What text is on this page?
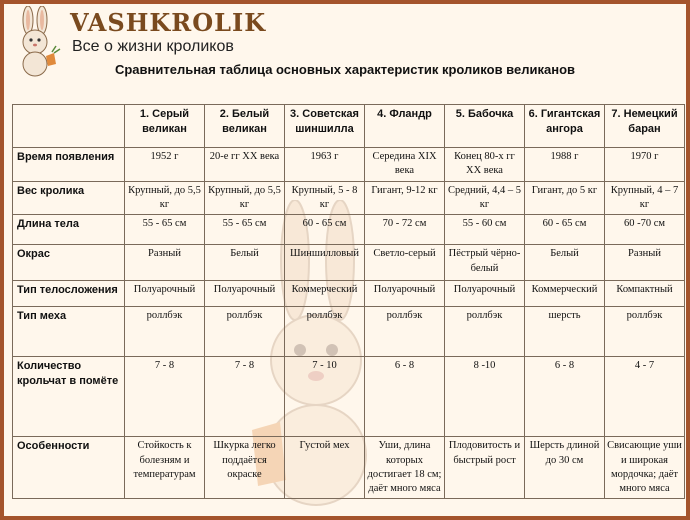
VASHKROLIK
Все о жизни кроликов
Сравнительная таблица основных характеристик кроликов великанов
	1. Серый великан	2. Белый великан	3. Советская шиншилла	4. Фландр	5. Бабочка	6. Гигантская ангора	7. Немецкий баран
Время появления	1952 г	20-е гг XX века	1963 г	Середина XIX века	Конец 80-х гг XX века	1988 г	1970 г
Вес кролика	Крупный, до 5,5 кг	Крупный, до 5,5 кг	Крупный, 5 - 8 кг	Гигант, 9-12 кг	Средний, 4,4 – 5 кг	Гигант, до 5 кг	Крупный, 4 – 7 кг
Длина тела	55 - 65 см	55 - 65 см	60 - 65 см	70 - 72 см	55 - 60 см	60 - 65 см	60 -70 см
Окрас	Разный	Белый	Шиншилловый	Светло-серый	Пёстрый чёрно-белый	Белый	Разный
Тип телосложения	Полуарочный	Полуарочный	Коммерческий	Полуарочный	Полуарочный	Коммерческий	Компактный
Тип меха	роллбэк	роллбэк	роллбэк	роллбэк	роллбэк	шерсть	роллбэк
Количество крольчат в помёте	7 - 8	7 - 8	7 - 10	6 - 8	8 -10	6 - 8	4 - 7
Особенности	Стойкость к болезням и температурам	Шкурка легко поддаётся окраске	Густой мех	Уши, длина которых достигает 18 см; даёт много мяса	Плодовитость и быстрый рост	Шерсть длиной до 30 см	Свисающие уши и широкая мордочка; даёт много мяса
